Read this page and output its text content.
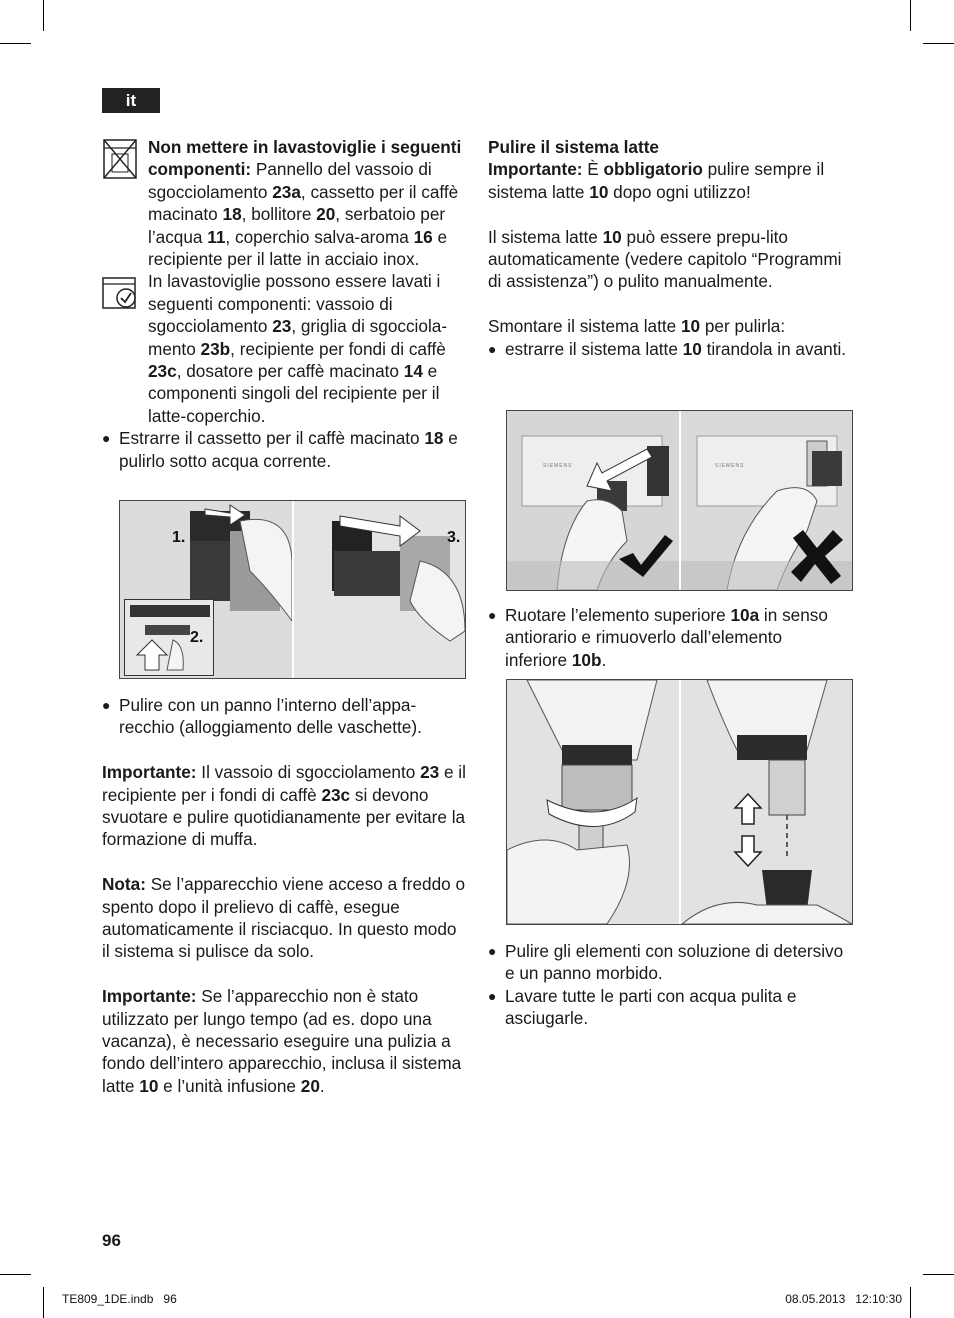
it

Non mettere in lavastoviglie i seguenti componenti: Pannello del vassoio di sgocciolamento 23a, cassetto per il caffè macinato 18, bollitore 20, serbatoio per l’acqua 11, coperchio salva-aroma 16 e recipiente per il latte in acciaio inox.

In lavastoviglie possono essere lavati i seguenti componenti: vassoio di sgocciolamento 23, griglia di sgocciola-mento 23b, recipiente per fondi di caffè 23c, dosatore per caffè macinato 14 e componenti singoli del recipiente per il latte-coperchio.

● Estrarre il cassetto per il caffè macinato 18 e pulirlo sotto acqua corrente.

1.
2.
3.

● Pulire con un panno l’interno dell’appa-recchio (alloggiamento delle vaschette).

Importante: Il vassoio di sgocciolamento 23 e il recipiente per i fondi di caffè 23c si devono svuotare e pulire quotidianamente per evitare la formazione di muffa.

Nota: Se l’apparecchio viene acceso a freddo o spento dopo il prelievo di caffè, esegue automaticamente il risciacquo. In questo modo il sistema si pulisce da solo.

Importante: Se l’apparecchio non è stato utilizzato per lungo tempo (ad es. dopo una vacanza), è necessario eseguire una pulizia a fondo dell’intero apparecchio, inclusa il sistema latte 10 e l’unità infusione 20.

Pulire il sistema latte

Importante: È obbligatorio pulire sempre il sistema latte 10 dopo ogni utilizzo!

Il sistema latte 10 può essere prepu-lito automaticamente (vedere capitolo “Programmi di assistenza”) o pulito manualmente.

Smontare il sistema latte 10 per pulirla:

● estrarre il sistema latte 10 tirandola in avanti.

SIEMENS	SIEMENS

● Ruotare l’elemento superiore 10a in senso antiorario e rimuoverlo dall’elemento inferiore 10b.

● Pulire gli elementi con soluzione di detersivo e un panno morbido.

● Lavare tutte le parti con acqua pulita e asciugarle.

96
TE809_1DE.indb   96	08.05.2013   12:10:30
